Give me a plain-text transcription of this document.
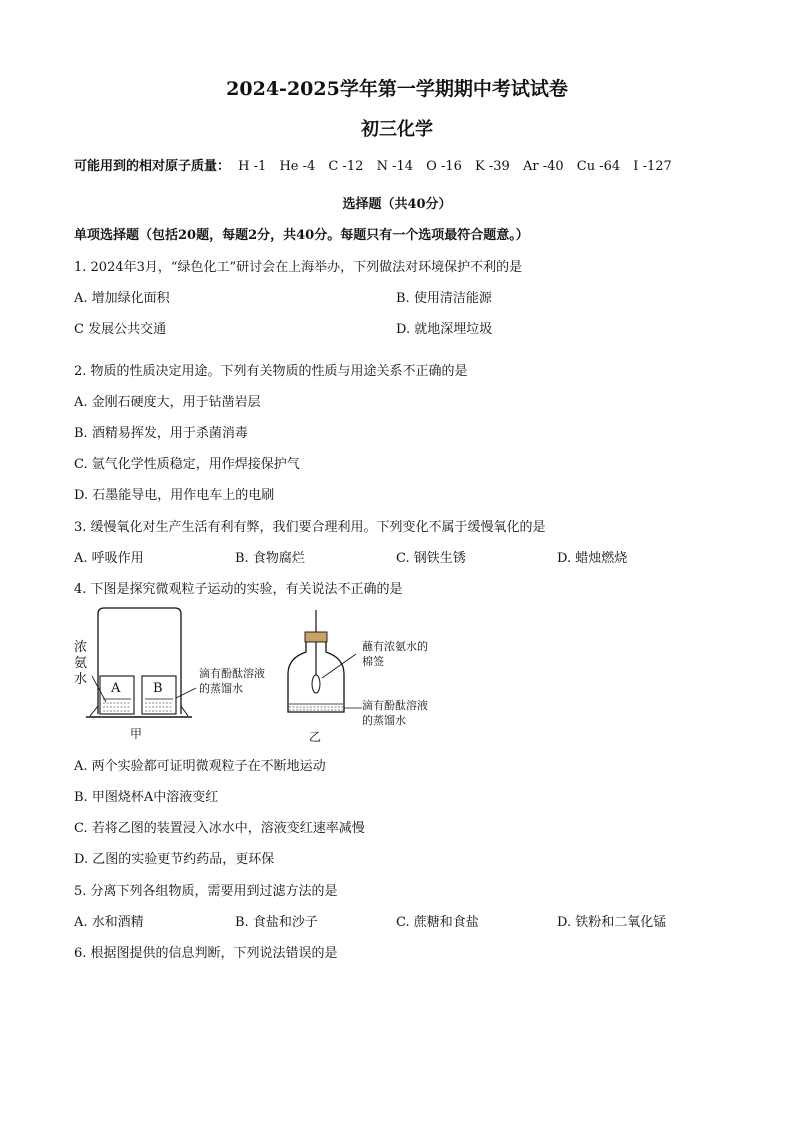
2024-2025学年第一学期期中考试试卷
初三化学
可能用到的相对原子质量： H -1 He -4 C -12 N -14 O -16 K -39 Ar -40 Cu -64 I -127
选择题（共40分）
单项选择题（包括20题，每题2分，共40分。每题只有一个选项最符合题意。）
1. 2024年3月，“绿色化工”研讨会在上海举办，下列做法对环境保护不利的是
A. 增加绿化面积	B. 使用清洁能源
C 发展公共交通	D. 就地深埋垃圾
2. 物质的性质决定用途。下列有关物质的性质与用途关系不正确的是
A. 金刚石硬度大，用于钻凿岩层
B. 酒精易挥发，用于杀菌消毒
C. 氩气化学性质稳定，用作焊接保护气
D. 石墨能导电，用作电车上的电刷
3. 缓慢氧化对生产生活有利有弊，我们要合理利用。下列变化不属于缓慢氧化的是
A. 呼吸作用	B. 食物腐烂	C. 钢铁生锈	D. 蜡烛燃烧
4. 下图是探究微观粒子运动的实验，有关说法不正确的是
浓氨水
A	B
滴有酚酞溶液的蒸馏水
甲
蘸有浓氨水的棉签
滴有酚酞溶液的蒸馏水
乙
A. 两个实验都可证明微观粒子在不断地运动
B. 甲图烧杯A中溶液变红
C. 若将乙图的装置浸入冰水中，溶液变红速率减慢
D. 乙图的实验更节约药品，更环保
5. 分离下列各组物质，需要用到过滤方法的是
A. 水和酒精	B. 食盐和沙子	C. 蔗糖和食盐	D. 铁粉和二氧化锰
6. 根据图提供的信息判断，下列说法错误的是
